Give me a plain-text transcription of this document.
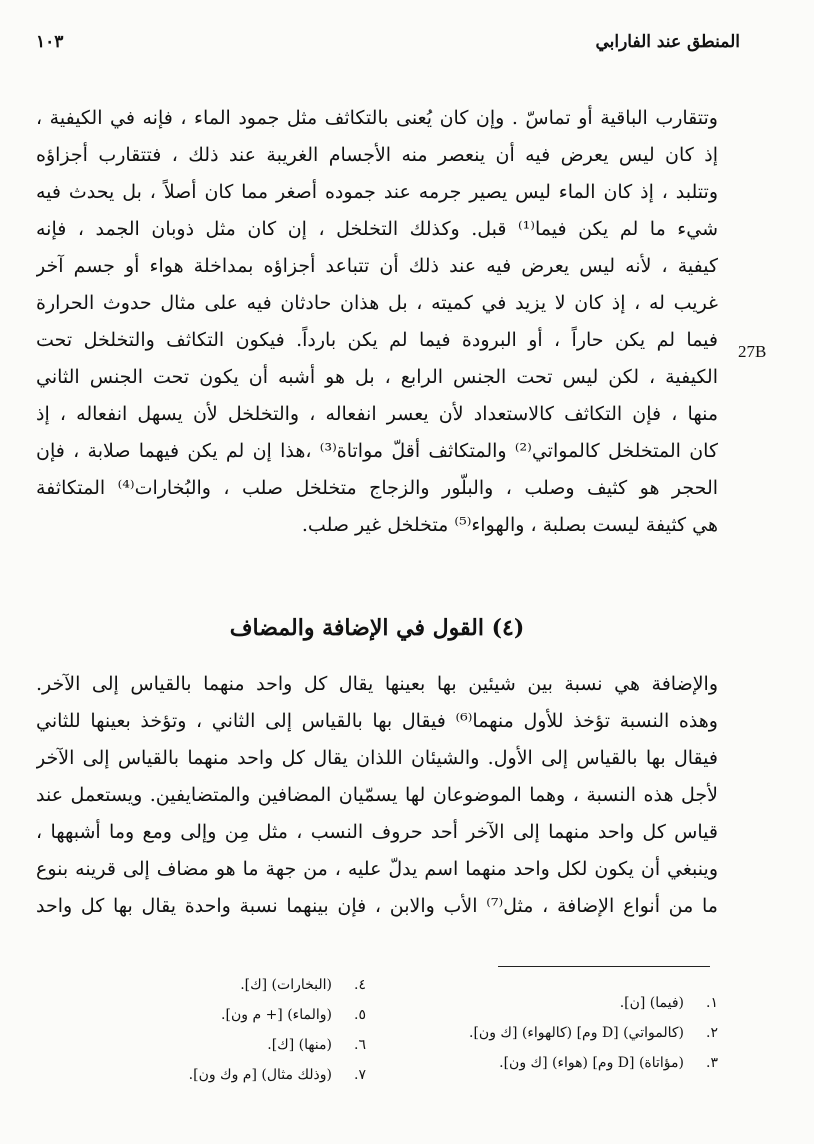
المنطق عند الفارابي
١٠٣
27B
وتتقارب الباقية أو تماسّ . وإن كان يُعنى بالتكاثف مثل جمود الماء ، فإنه في الكيفية ،
إذ كان ليس يعرض فيه أن ينعصر منه الأجسام الغريبة عند ذلك ، فتتقارب أجزاؤه
وتتلبد ، إذ كان الماء ليس يصير جرمه عند جموده أصغر مما كان أصلاً ، بل يحدث فيه
شيء ما لم يكن فيما⁽¹⁾ قبل. وكذلك التخلخل ، إن كان مثل ذوبان الجمد ، فإنه
كيفية ، لأنه ليس يعرض فيه عند ذلك أن تتباعد أجزاؤه بمداخلة هواء أو جسم آخر
غريب له ، إذ كان لا يزيد في كميته ، بل هذان حادثان فيه على مثال حدوث الحرارة
فيما لم يكن حاراً ، أو البرودة فيما لم يكن بارداً. فيكون التكاثف والتخلخل تحت
الكيفية ، لكن ليس تحت الجنس الرابع ، بل هو أشبه أن يكون تحت الجنس الثاني
منها ، فإن التكاثف كالاستعداد لأن يعسر انفعاله ، والتخلخل لأن يسهل انفعاله ، إذ
كان المتخلخل كالمواتي⁽²⁾ والمتكاثف أقلّ مواتاة⁽³⁾ ،هذا إن لم يكن فيهما صلابة ، فإن
الحجر هو كثيف وصلب ، والبلّور والزجاج متخلخل صلب ، والبُخارات⁽⁴⁾ المتكاثفة
هي كثيفة ليست بصلبة ، والهواء⁽⁵⁾ متخلخل غير صلب.
(٤) القول في الإضافة والمضاف
والإضافة هي نسبة بين شيئين بها بعينها يقال كل واحد منهما بالقياس إلى الآخر.
وهذه النسبة تؤخذ للأول منهما⁽⁶⁾ فيقال بها بالقياس إلى الثاني ، وتؤخذ بعينها للثاني
فيقال بها بالقياس إلى الأول. والشيئان اللذان يقال كل واحد منهما بالقياس إلى الآخر
لأجل هذه النسبة ، وهما الموضوعان لها يسمّيان المضافين والمتضايفين. ويستعمل عند
قياس كل واحد منهما إلى الآخر أحد حروف النسب ، مثل مِن وإلى ومع وما أشبهها ،
وينبغي أن يكون لكل واحد منهما اسم يدلّ عليه ، من جهة ما هو مضاف إلى قرينه بنوع
ما من أنواع الإضافة ، مثل⁽⁷⁾ الأب والابن ، فإن بينهما نسبة واحدة يقال بها كل واحد
١.
(فيما) [ن].
٢.
(كالمواتي) [D وم] (كالهواء) [ك ون].
٣.
(مؤاتاة) [D وم] (هواء) [ك ون].
٤.
(البخارات) [ك].
٥.
(والماء) [+ م ون].
٦.
(منها) [ك].
٧.
(وذلك مثال) [م وك ون].
